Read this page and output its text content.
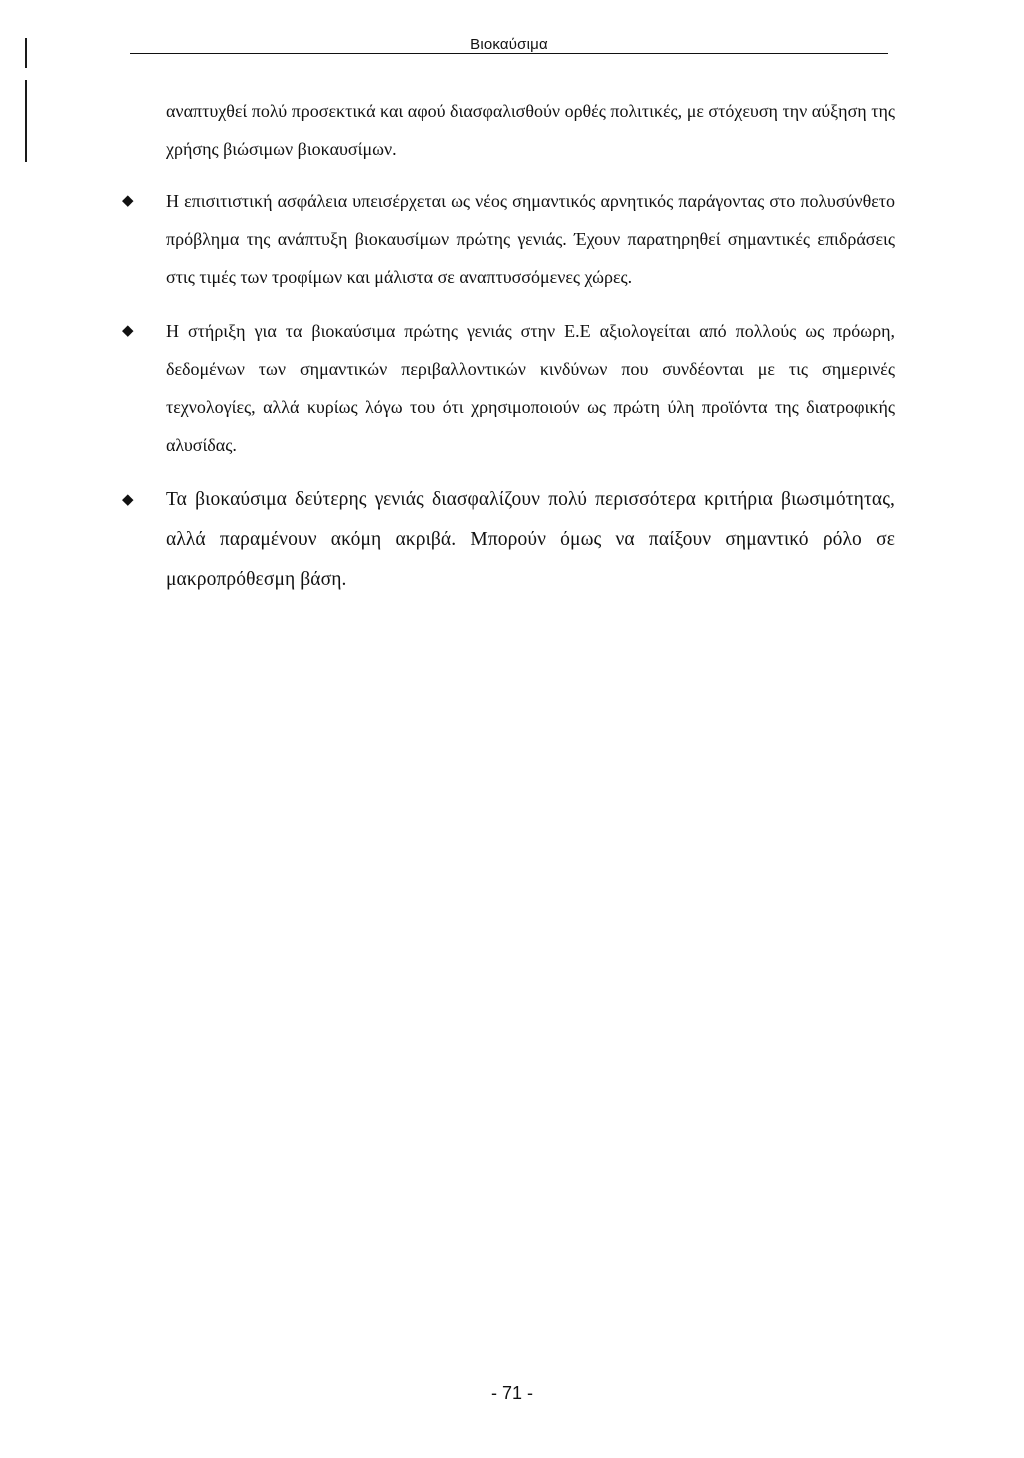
Βιοκαύσιμα

αναπτυχθεί πολύ προσεκτικά και αφού διασφαλισθούν ορθές πολιτικές, με στόχευση την αύξηση της χρήσης βιώσιμων βιοκαυσίμων.

◆	Η επισιτιστική ασφάλεια υπεισέρχεται ως νέος σημαντικός αρνητικός παράγοντας στο πολυσύνθετο πρόβλημα της ανάπτυξη βιοκαυσίμων πρώτης γενιάς. Έχουν παρατηρηθεί σημαντικές επιδράσεις στις τιμές των τροφίμων και μάλιστα σε αναπτυσσόμενες χώρες.

◆	Η στήριξη για τα βιοκαύσιμα πρώτης γενιάς στην Ε.Ε αξιολογείται από πολλούς ως πρόωρη, δεδομένων των σημαντικών περιβαλλοντικών κινδύνων που συνδέονται με τις σημερινές τεχνολογίες, αλλά κυρίως λόγω του ότι χρησιμοποιούν ως πρώτη ύλη προϊόντα της διατροφικής αλυσίδας.

◆	Τα βιοκαύσιμα δεύτερης γενιάς διασφαλίζουν πολύ περισσότερα κριτήρια βιωσιμότητας, αλλά παραμένουν ακόμη ακριβά. Μπορούν όμως να παίξουν σημαντικό ρόλο σε μακροπρόθεσμη βάση.

- 71 -
